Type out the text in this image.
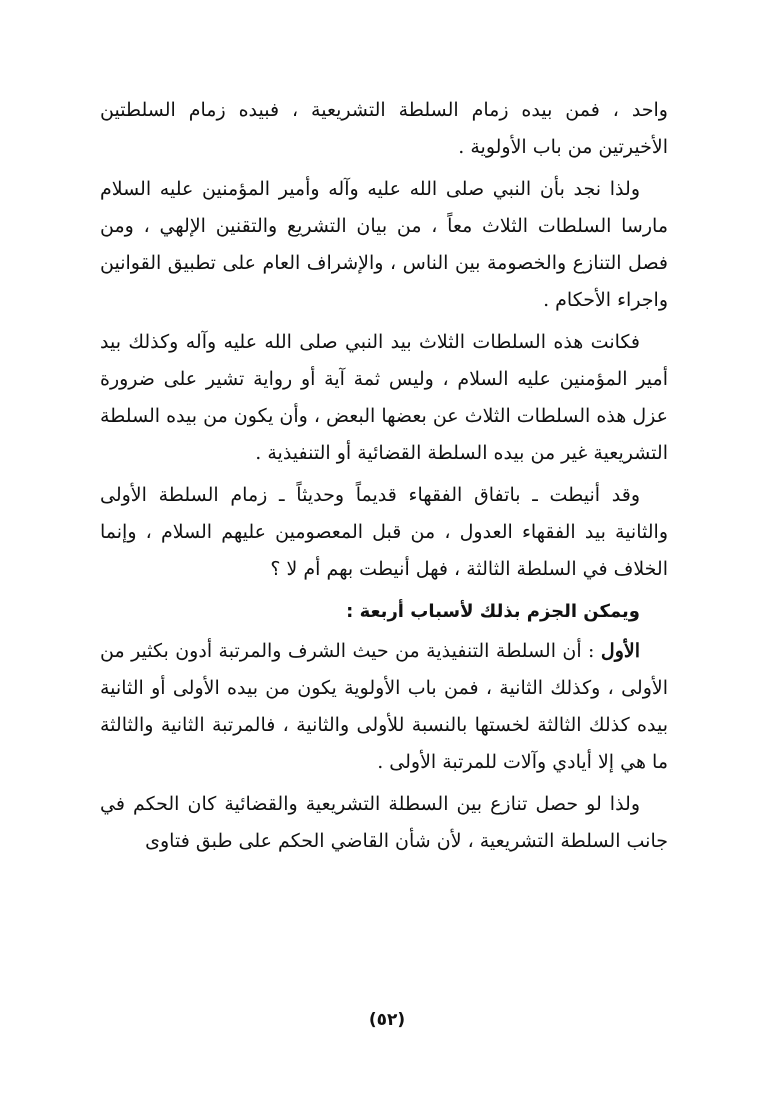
واحد ، فمن بيده زمام السلطة التشريعية ، فبيده زمام السلطتين الأخيرتين من باب الأولوية .

ولذا نجد بأن النبي صلى الله عليه وآله وأمير المؤمنين عليه السلام مارسا السلطات الثلاث معاً ، من بيان التشريع والتقنين الإلهي ، ومن فصل التنازع والخصومة بين الناس ، والإشراف العام على تطبيق القوانين واجراء الأحكام .

فكانت هذه السلطات الثلاث بيد النبي صلى الله عليه وآله وكذلك بيد أمير المؤمنين عليه السلام ، وليس ثمة آية أو رواية تشير على ضرورة عزل هذه السلطات الثلاث عن بعضها البعض ، وأن يكون من بيده السلطة التشريعية غير من بيده السلطة القضائية أو التنفيذية .

وقد أنيطت ـ باتفاق الفقهاء قديماً وحديثاً ـ زمام السلطة الأولى والثانية بيد الفقهاء العدول ، من قبل المعصومين عليهم السلام ، وإنما الخلاف في السلطة الثالثة ، فهل أنيطت بهم أم لا ؟

ويمكن الجزم بذلك لأسباب أربعة :

الأول : أن السلطة التنفيذية من حيث الشرف والمرتبة أدون بكثير من الأولى ، وكذلك الثانية ، فمن باب الأولوية يكون من بيده الأولى أو الثانية بيده كذلك الثالثة لخستها بالنسبة للأولى والثانية ، فالمرتبة الثانية والثالثة ما هي إلا أيادي وآلات للمرتبة الأولى .

ولذا لو حصل تنازع بين السطلة التشريعية والقضائية كان الحكم في جانب السلطة التشريعية ، لأن شأن القاضي الحكم على طبق فتاوى

(٥٢)
